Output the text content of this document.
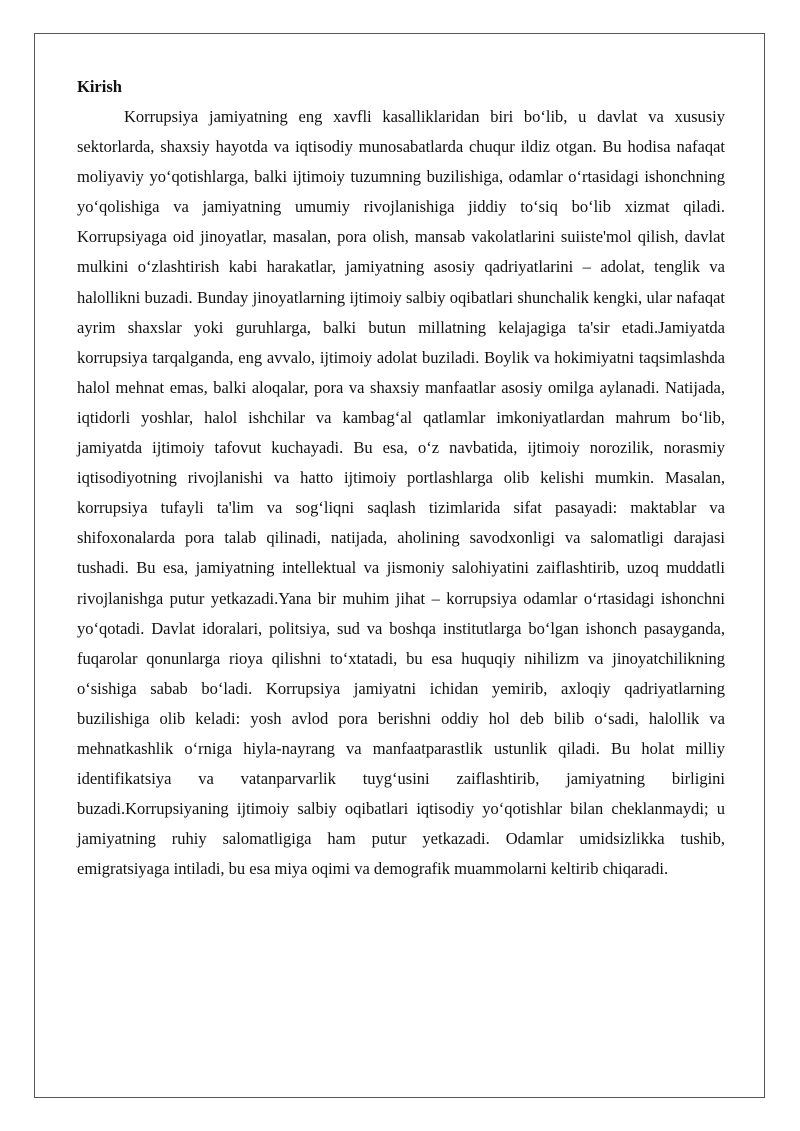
Kirish

Korrupsiya jamiyatning eng xavfli kasalliklaridan biri bo‘lib, u davlat va xususiy sektorlarda, shaxsiy hayotda va iqtisodiy munosabatlarda chuqur ildiz otgan. Bu hodisa nafaqat moliyaviy yo‘qotishlarga, balki ijtimoiy tuzumning buzilishiga, odamlar o‘rtasidagi ishonchning yo‘qolishiga va jamiyatning umumiy rivojlanishiga jiddiy to‘siq bo‘lib xizmat qiladi. Korrupsiyaga oid jinoyatlar, masalan, pora olish, mansab vakolatlarini suiiste'mol qilish, davlat mulkini o‘zlashtirish kabi harakatlar, jamiyatning asosiy qadriyatlarini – adolat, tenglik va halollikni buzadi. Bunday jinoyatlarning ijtimoiy salbiy oqibatlari shunchalik kengki, ular nafaqat ayrim shaxslar yoki guruhlarga, balki butun millatning kelajagiga ta'sir etadi.Jamiyatda korrupsiya tarqalganda, eng avvalo, ijtimoiy adolat buziladi. Boylik va hokimiyatni taqsimlashda halol mehnat emas, balki aloqalar, pora va shaxsiy manfaatlar asosiy omilga aylanadi. Natijada, iqtidorli yoshlar, halol ishchilar va kambag‘al qatlamlar imkoniyatlardan mahrum bo‘lib, jamiyatda ijtimoiy tafovut kuchayadi. Bu esa, o‘z navbatida, ijtimoiy norozilik, norasmiy iqtisodiyotning rivojlanishi va hatto ijtimoiy portlashlarga olib kelishi mumkin. Masalan, korrupsiya tufayli ta'lim va sog‘liqni saqlash tizimlarida sifat pasayadi: maktablar va shifoxonalarda pora talab qilinadi, natijada, aholining savodxonligi va salomatligi darajasi tushadi. Bu esa, jamiyatning intellektual va jismoniy salohiyatini zaiflashtirib, uzoq muddatli rivojlanishga putur yetkazadi.Yana bir muhim jihat – korrupsiya odamlar o‘rtasidagi ishonchni yo‘qotadi. Davlat idoralari, politsiya, sud va boshqa institutlarga bo‘lgan ishonch pasayganda, fuqarolar qonunlarga rioya qilishni to‘xtatadi, bu esa huquqiy nihilizm va jinoyatchilikning o‘sishiga sabab bo‘ladi. Korrupsiya jamiyatni ichidan yemirib, axloqiy qadriyatlarning buzilishiga olib keladi: yosh avlod pora berishni oddiy hol deb bilib o‘sadi, halollik va mehnatkashlik o‘rniga hiyla-nayrang va manfaatparastlik ustunlik qiladi. Bu holat milliy identifikatsiya va vatanparvarlik tuyg‘usini zaiflashtirib, jamiyatning birligini buzadi.Korrupsiyaning ijtimoiy salbiy oqibatlari iqtisodiy yo‘qotishlar bilan cheklanmaydi; u jamiyatning ruhiy salomatligiga ham putur yetkazadi. Odamlar umidsizlikka tushib, emigratsiyaga intiladi, bu esa miya oqimi va demografik muammolarni keltirib chiqaradi.
